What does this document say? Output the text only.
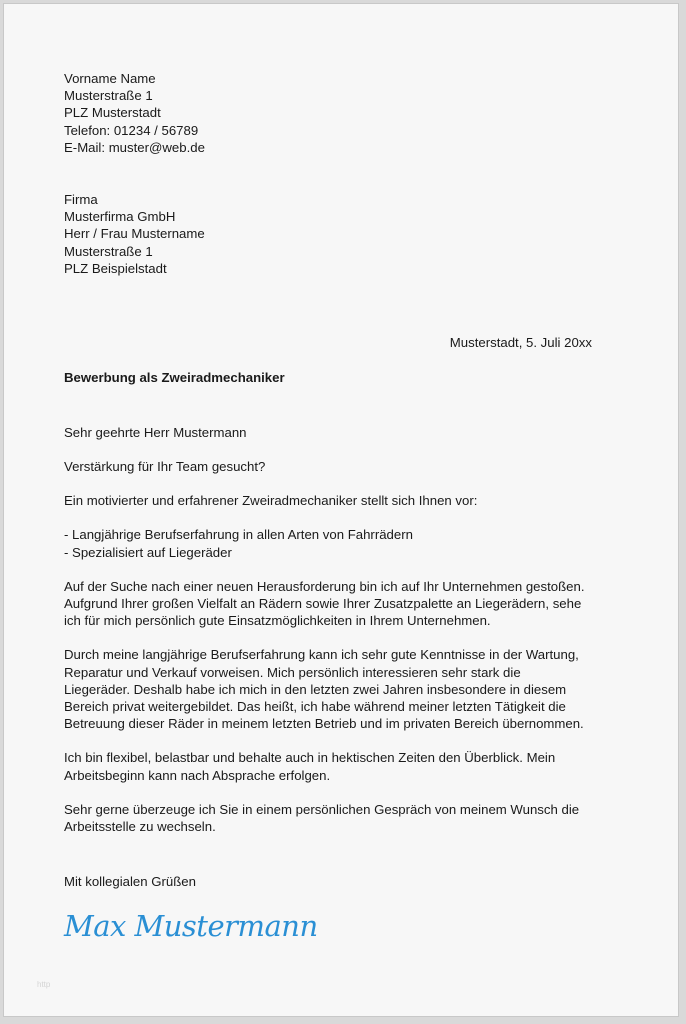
Vorname Name
Musterstraße 1
PLZ Musterstadt
Telefon: 01234 / 56789
E-Mail: muster@web.de
Firma
Musterfirma GmbH
Herr / Frau Mustername
Musterstraße 1
PLZ Beispielstadt
Musterstadt, 5. Juli 20xx
Bewerbung als Zweiradmechaniker
Sehr geehrte Herr Mustermann
Verstärkung für Ihr Team gesucht?
Ein motivierter und erfahrener Zweiradmechaniker stellt sich Ihnen vor:
- Langjährige Berufserfahrung in allen Arten von Fahrrädern
- Spezialisiert auf Liegeräder
Auf der Suche nach einer neuen Herausforderung bin ich auf Ihr Unternehmen gestoßen.
Aufgrund Ihrer großen Vielfalt an Rädern sowie Ihrer Zusatzpalette an Liegerädern, sehe
ich für mich persönlich gute Einsatzmöglichkeiten in Ihrem Unternehmen.
Durch meine langjährige Berufserfahrung kann ich sehr gute Kenntnisse in der Wartung,
Reparatur und Verkauf vorweisen. Mich persönlich interessieren sehr stark die
Liegeräder. Deshalb habe ich mich in den letzten zwei Jahren insbesondere in diesem
Bereich privat weitergebildet. Das heißt, ich habe während meiner letzten Tätigkeit die
Betreuung dieser Räder in meinem letzten Betrieb und im privaten Bereich übernommen.
Ich bin flexibel, belastbar und behalte auch in hektischen Zeiten den Überblick. Mein
Arbeitsbeginn kann nach Absprache erfolgen.
Sehr gerne überzeuge ich Sie in einem persönlichen Gespräch von meinem Wunsch die
Arbeitsstelle zu wechseln.
Mit kollegialen Grüßen
Max Mustermann
http
